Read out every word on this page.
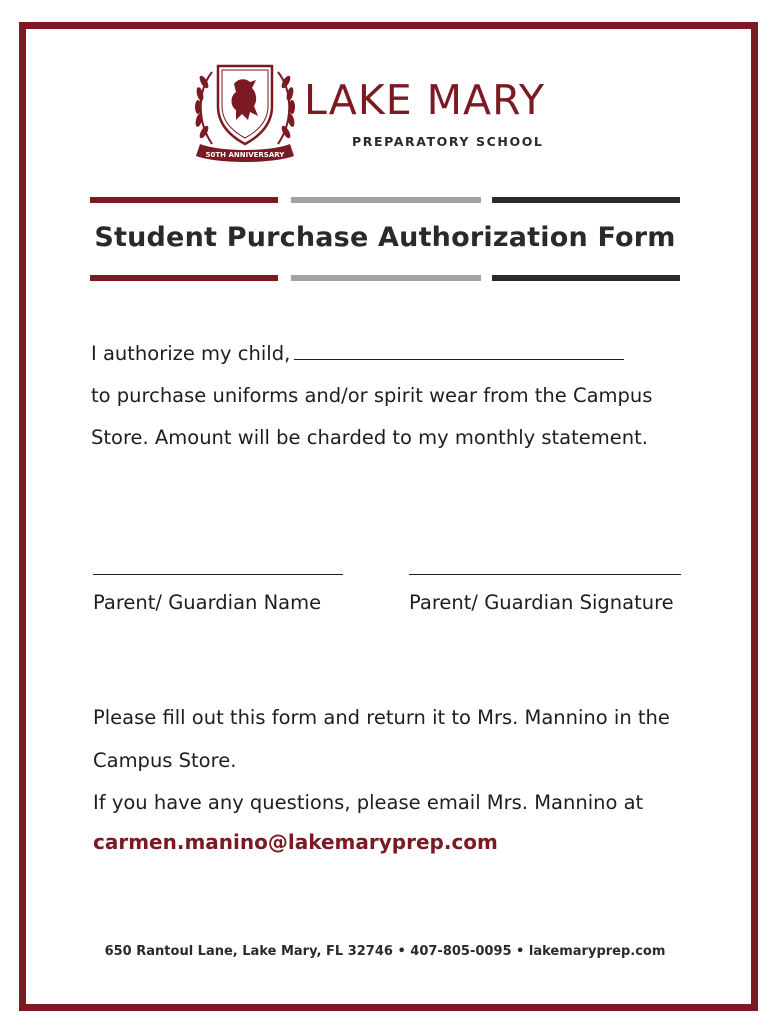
50TH ANNIVERSARY
LAKE MARY
PREPARATORY SCHOOL
Student Purchase Authorization Form
I authorize my child,
to purchase uniforms and/or spirit wear from the Campus
Store. Amount will be charded to my monthly statement.
Parent/ Guardian Name	Parent/ Guardian Signature
Please fill out this form and return it to Mrs. Mannino in the
Campus Store.
If you have any questions, please email Mrs. Mannino at
carmen.manino@lakemaryprep.com
650 Rantoul Lane, Lake Mary, FL 32746 • 407-805-0095 • lakemaryprep.com
